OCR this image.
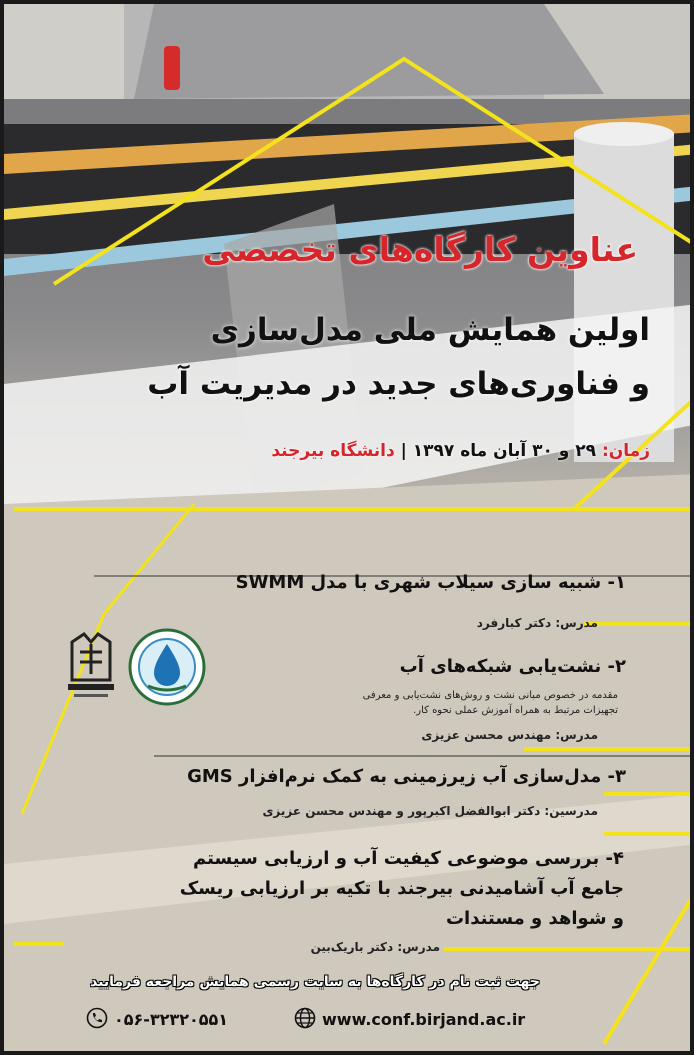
عناوین کارگاه‌های تخصصی
اولین همایش ملی مدل‌سازی
و فناوری‌های جدید در مدیریت آب
زمان: ۲۹ و ۳۰ آبان ماه ۱۳۹۷ | دانشگاه بیرجند
۱- شبیه سازی سیلاب شهری با مدل SWMM
مدرس: دکتر کبارفرد
۲- نشت‌یابی شبکه‌های آب
مقدمه در خصوص مبانی نشت و روش‌های نشت‌یابی و معرفی
تجهیزات مرتبط به همراه آموزش عملی نحوه کار.
مدرس: مهندس محسن عزیزی
۳- مدل‌سازی آب زیرزمینی به کمک نرم‌افزار GMS
مدرسین: دکتر ابوالفضل اکبرپور و مهندس محسن عزیزی
۴- بررسی موضوعی کیفیت آب و ارزیابی سیستم
جامع آب آشامیدنی بیرجند با تکیه بر ارزیابی ریسک
و شواهد و مستندات
مدرس: دکتر باریک‌بین
جهت ثبت نام در کارگاه‌ها به سایت رسمی همایش مراجعه فرمایید
www.conf.birjand.ac.ir
۰۵۶-۳۲۳۲۰۵۵۱
